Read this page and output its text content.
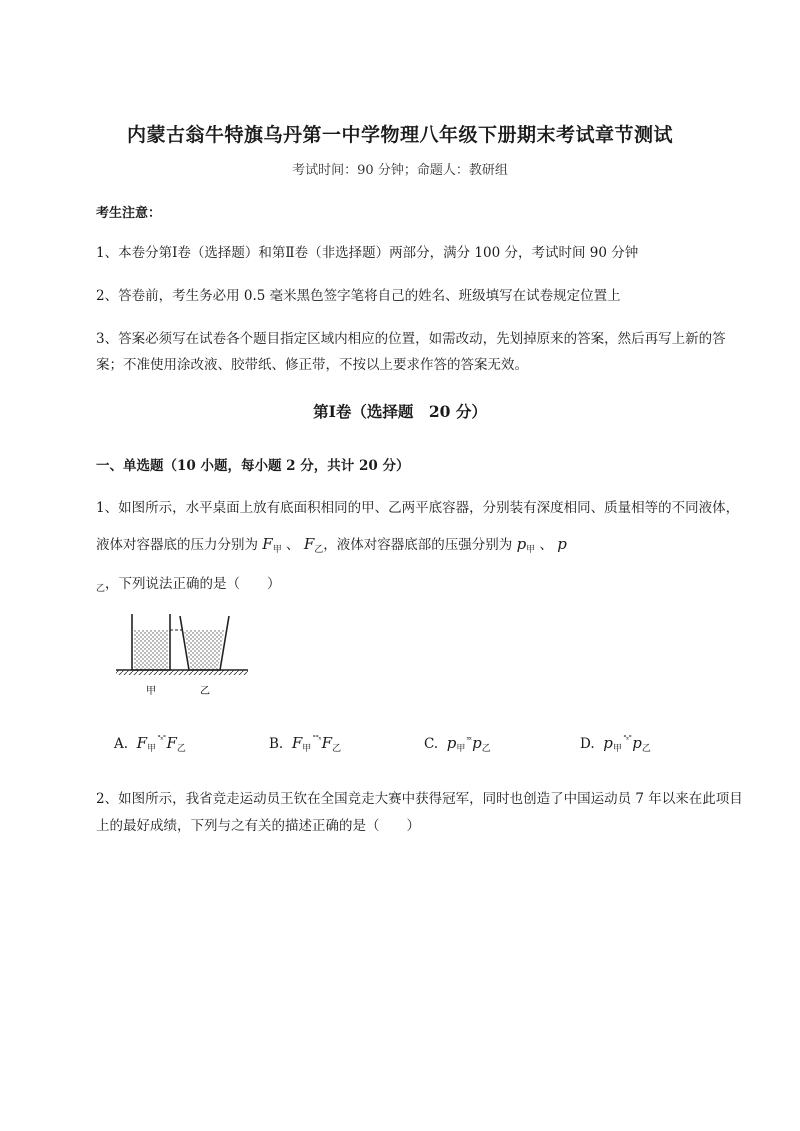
内蒙古翁牛特旗乌丹第一中学物理八年级下册期末考试章节测试
考试时间：90 分钟；命题人：教研组
考生注意：
1、本卷分第Ⅰ卷（选择题）和第Ⅱ卷（非选择题）两部分，满分 100 分，考试时间 90 分钟
2、答卷前，考生务必用 0.5 毫米黑色签字笔将自己的姓名、班级填写在试卷规定位置上
3、答案必须写在试卷各个题目指定区域内相应的位置，如需改动，先划掉原来的答案，然后再写上新的答案；不准使用涂改液、胶带纸、修正带，不按以上要求作答的答案无效。
第Ⅰ卷（选择题　20 分）
一、单选题（10 小题，每小题 2 分，共计 20 分）
1、如图所示，水平桌面上放有底面积相同的甲、乙两平底容器，分别装有深度相同、质量相等的不同液体，液体对容器底的压力分别为 $F_甲$ 、 $F_乙$，液体对容器底部的压强分别为 $p_甲$ 、 $p_乙$，下列说法正确的是（　　）
甲	乙
A. $F_甲^{˚ˣ˚}F_乙$	B. $F_甲^{˚˚ˣ}F_乙$	C. $p_甲^{ˣˣ}p_乙$	D. $p_甲^{˚ˣ˚}p_乙$
2、如图所示，我省竞走运动员王钦在全国竞走大赛中获得冠军，同时也创造了中国运动员 7 年以来在此项目上的最好成绩，下列与之有关的描述正确的是（　　）
